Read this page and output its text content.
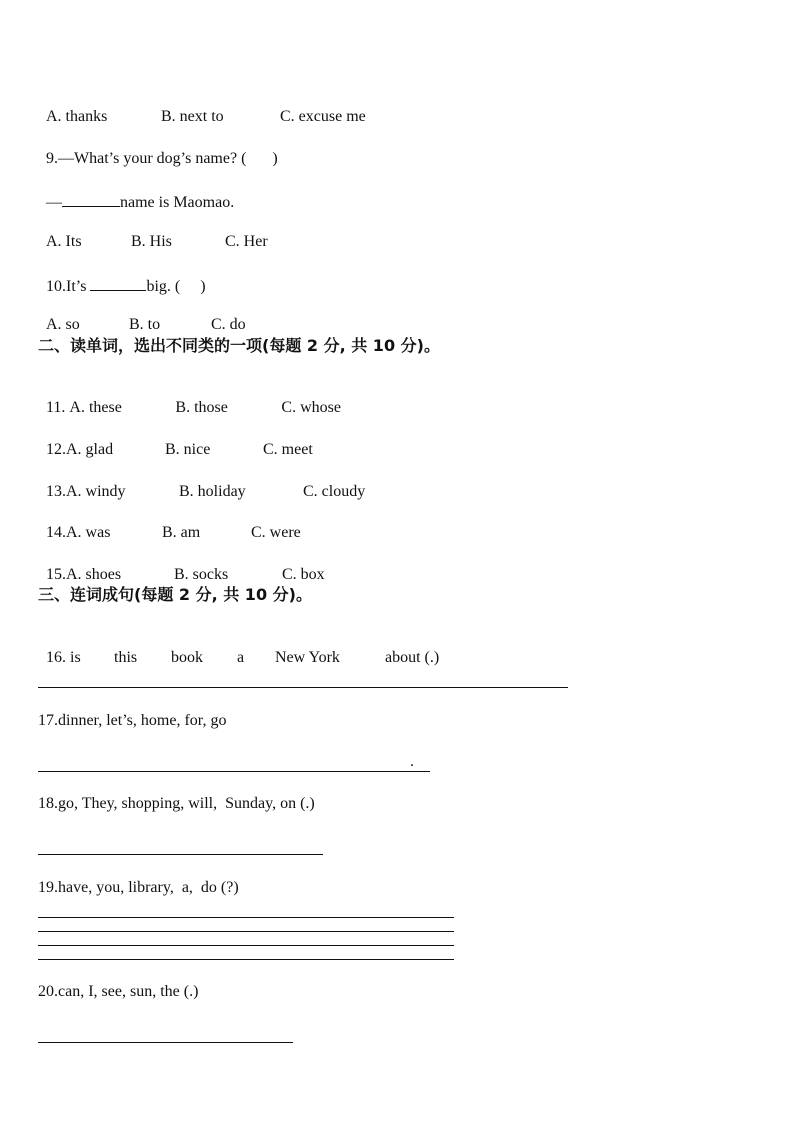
A. thanks	B. next to	C. excuse me

9.—What’s your dog’s name? ( )

—	name is Maomao.

A. Its	B. His	C. Her

10.It’s	big. ( )

A. so	B. to	C. do

二、读单词，选出不同类的一项(每题 2 分, 共 10 分)。

11. A. these	B. those	C. whose

12.A. glad	B. nice	C. meet

13.A. windy	B. holiday	C. cloudy

14.A. was	B. am	C. were

15.A. shoes	B. socks	C. box

三、连词成句(每题 2 分, 共 10 分)。

16. is this book a New York	about (.)

17.dinner, let’s, home, for, go
.
18.go, They, shopping, will,  Sunday, on (.)
19.have, you, library,  a,  do (?)
20.can, I, see, sun, the (.)
